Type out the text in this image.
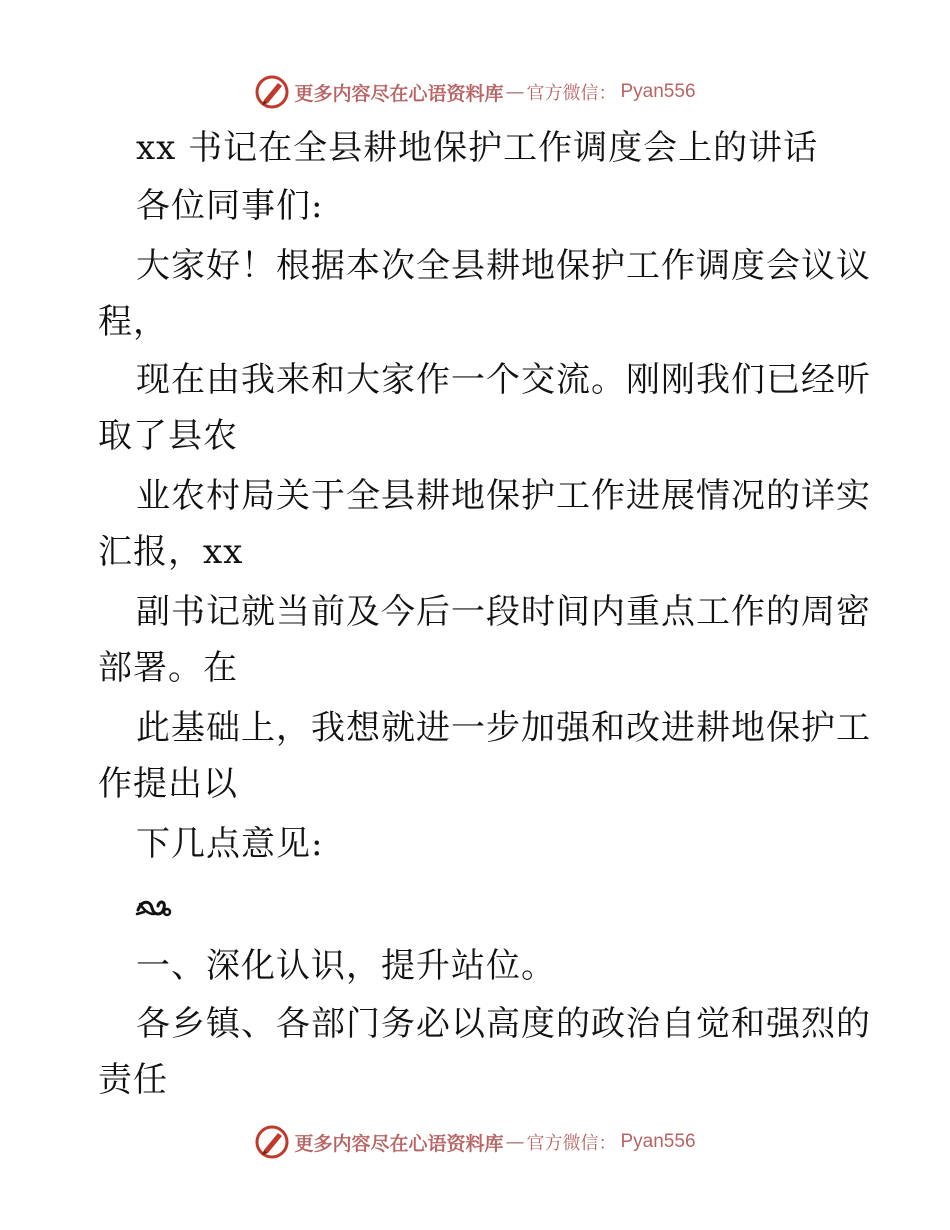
更多内容尽在心语资料库 — 官方微信： Pyan556
xx 书记在全县耕地保护工作调度会上的讲话
各位同事们:
大家好！根据本次全县耕地保护工作调度会议议
程，
现在由我来和大家作一个交流。刚刚我们已经听
取了县农
业农村局关于全县耕地保护工作进展情况的详实
汇报，xx
副书记就当前及今后一段时间内重点工作的周密
部署。在
此基础上，我想就进一步加强和改进耕地保护工
作提出以
下几点意见:
一、深化认识，提升站位。
各乡镇、各部门务必以高度的政治自觉和强烈的
责任
更多内容尽在心语资料库 — 官方微信： Pyan556
